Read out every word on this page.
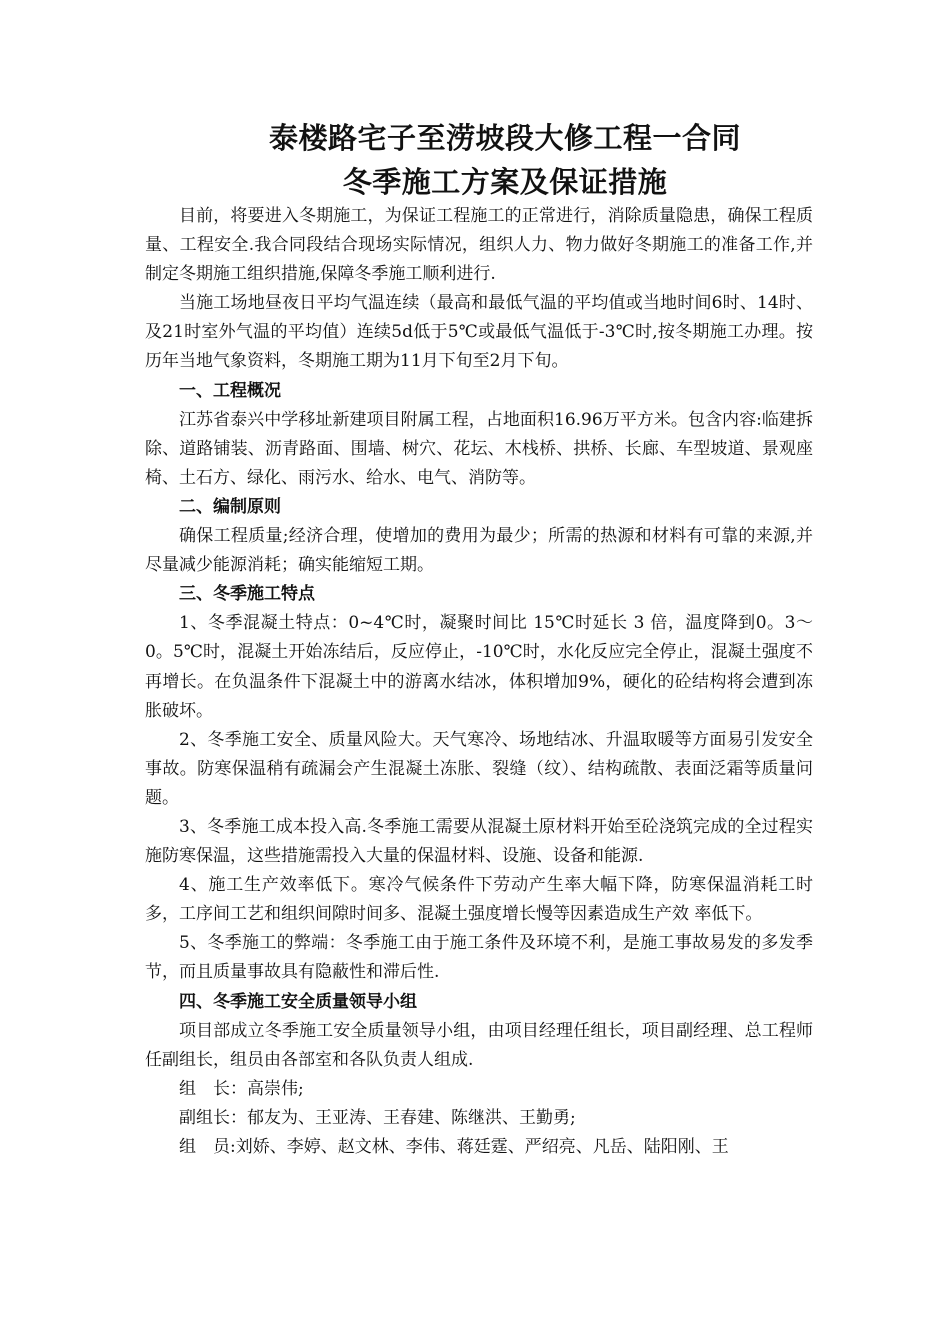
泰楼路宅子至涝坡段大修工程一合同
冬季施工方案及保证措施

目前，将要进入冬期施工，为保证工程施工的正常进行，消除质量隐患，确保工程质量、工程安全.我合同段结合现场实际情况，组织人力、物力做好冬期施工的准备工作,并制定冬期施工组织措施,保障冬季施工顺利进行.

当施工场地昼夜日平均气温连续（最高和最低气温的平均值或当地时间6时、14时、及21时室外气温的平均值）连续5d低于5℃或最低气温低于-3℃时,按冬期施工办理。按历年当地气象资料，冬期施工期为11月下旬至2月下旬。

一、工程概况

江苏省泰兴中学移址新建项目附属工程，占地面积16.96万平方米。包含内容:临建拆除、道路铺装、沥青路面、围墙、树穴、花坛、木栈桥、拱桥、长廊、车型坡道、景观座椅、土石方、绿化、雨污水、给水、电气、消防等。

二、编制原则

确保工程质量;经济合理，使增加的费用为最少；所需的热源和材料有可靠的来源,并尽量减少能源消耗；确实能缩短工期。

三、冬季施工特点

1、冬季混凝土特点：0~4℃时，凝聚时间比 15℃时延长 3 倍，温度降到0。3～ 0。5℃时，混凝土开始冻结后，反应停止，-10℃时，水化反应完全停止，混凝土强度不再增长。在负温条件下混凝土中的游离水结冰，体积增加9%，硬化的砼结构将会遭到冻胀破坏。

2、冬季施工安全、质量风险大。天气寒冷、场地结冰、升温取暖等方面易引发安全事故。防寒保温稍有疏漏会产生混凝土冻胀、裂缝（纹）、结构疏散、表面泛霜等质量问题。

3、冬季施工成本投入高.冬季施工需要从混凝土原材料开始至砼浇筑完成的全过程实施防寒保温，这些措施需投入大量的保温材料、设施、设备和能源.

4、施工生产效率低下。寒冷气候条件下劳动产生率大幅下降，防寒保温消耗工时多，工序间工艺和组织间隙时间多、混凝土强度增长慢等因素造成生产效 率低下。

5、冬季施工的弊端：冬季施工由于施工条件及环境不利，是施工事故易发的多发季节，而且质量事故具有隐蔽性和滞后性.

四、冬季施工安全质量领导小组

项目部成立冬季施工安全质量领导小组，由项目经理任组长，项目副经理、总工程师任副组长，组员由各部室和各队负责人组成.

组　长：高崇伟;

副组长：郁友为、王亚涛、王春建、陈继洪、王勤勇;

组　员:刘娇、李婷、赵文林、李伟、蒋廷霆、严绍亮、凡岳、陆阳刚、王
